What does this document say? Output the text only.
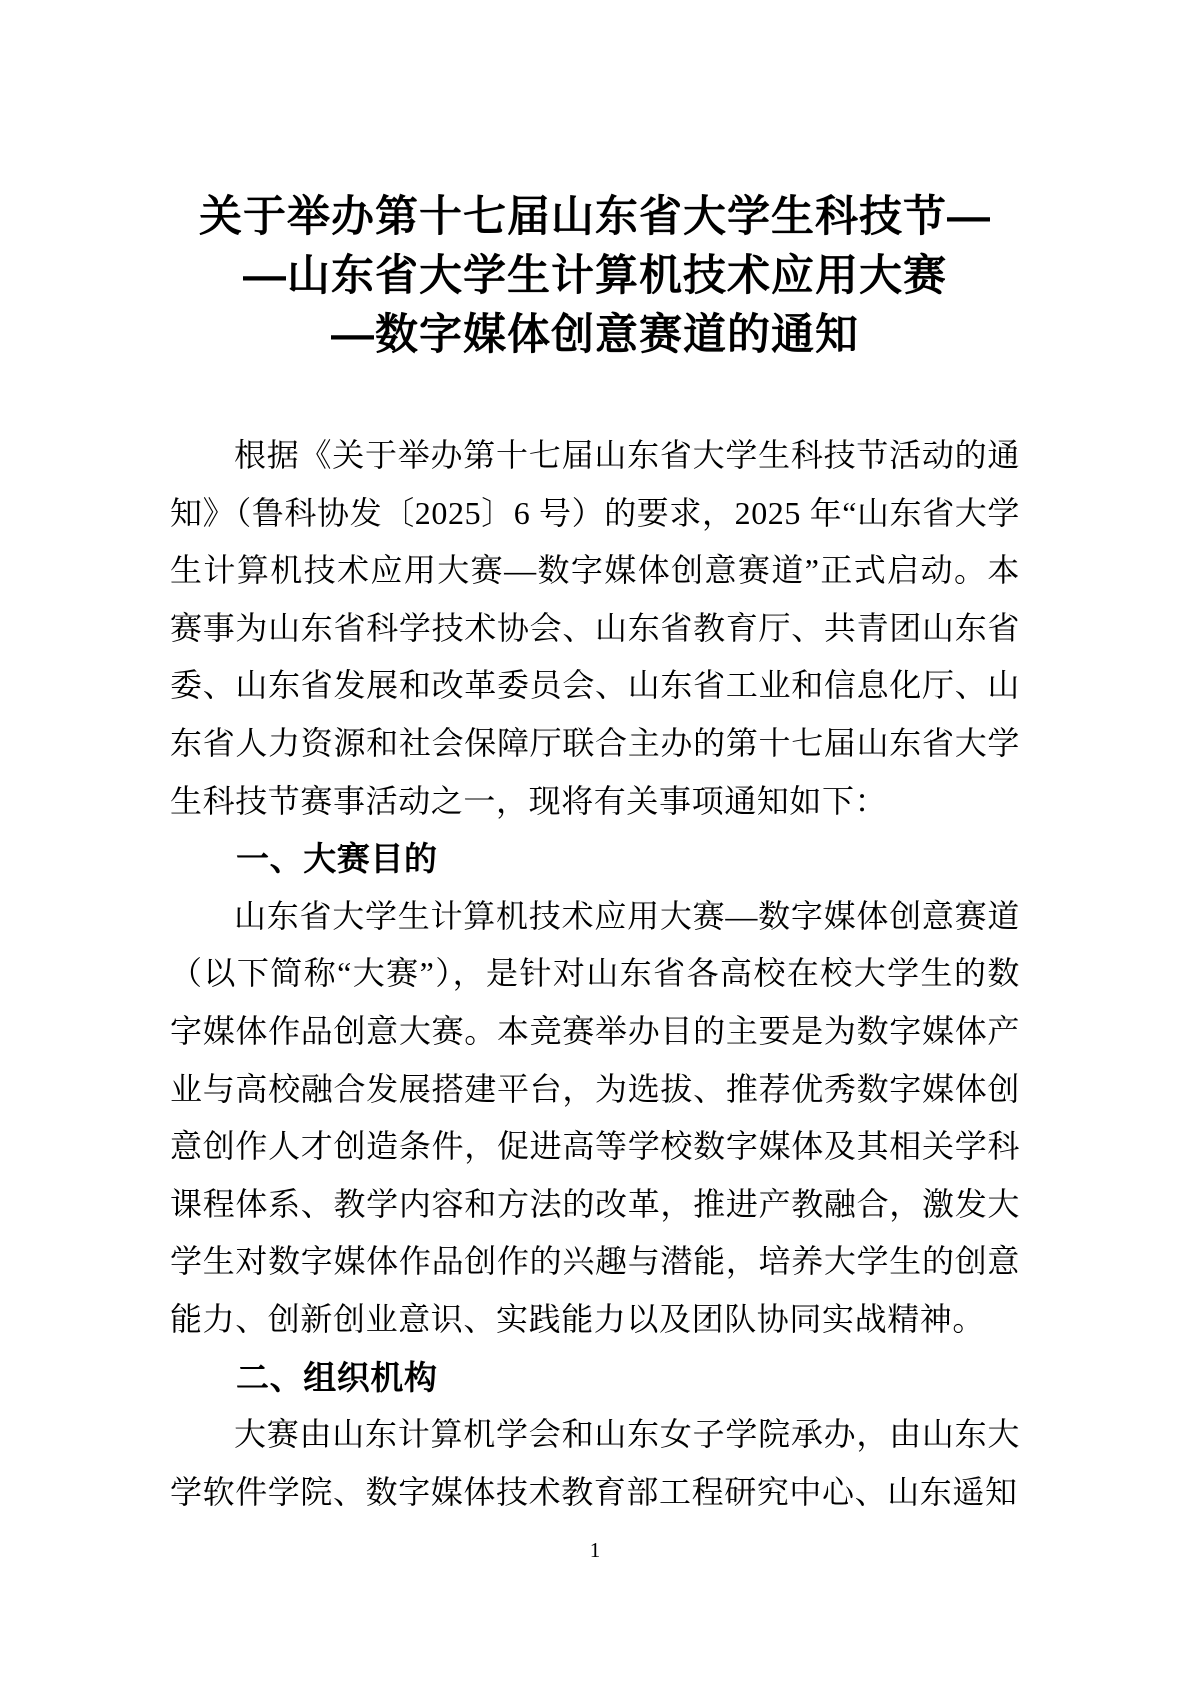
关于举办第十七届山东省大学生科技节—
—山东省大学生计算机技术应用大赛
—数字媒体创意赛道的通知

根据《关于举办第十七届山东省大学生科技节活动的通知》（鲁科协发〔2025〕6 号）的要求，2025 年“山东省大学生计算机技术应用大赛—数字媒体创意赛道”正式启动。本赛事为山东省科学技术协会、山东省教育厅、共青团山东省委、山东省发展和改革委员会、山东省工业和信息化厅、山东省人力资源和社会保障厅联合主办的第十七届山东省大学生科技节赛事活动之一，现将有关事项通知如下：

一、大赛目的

山东省大学生计算机技术应用大赛—数字媒体创意赛道（以下简称“大赛”），是针对山东省各高校在校大学生的数字媒体作品创意大赛。本竞赛举办目的主要是为数字媒体产业与高校融合发展搭建平台，为选拔、推荐优秀数字媒体创意创作人才创造条件，促进高等学校数字媒体及其相关学科课程体系、教学内容和方法的改革，推进产教融合，激发大学生对数字媒体作品创作的兴趣与潜能，培养大学生的创意能力、创新创业意识、实践能力以及团队协同实战精神。

二、组织机构

大赛由山东计算机学会和山东女子学院承办，由山东大学软件学院、数字媒体技术教育部工程研究中心、山东遥知

1
